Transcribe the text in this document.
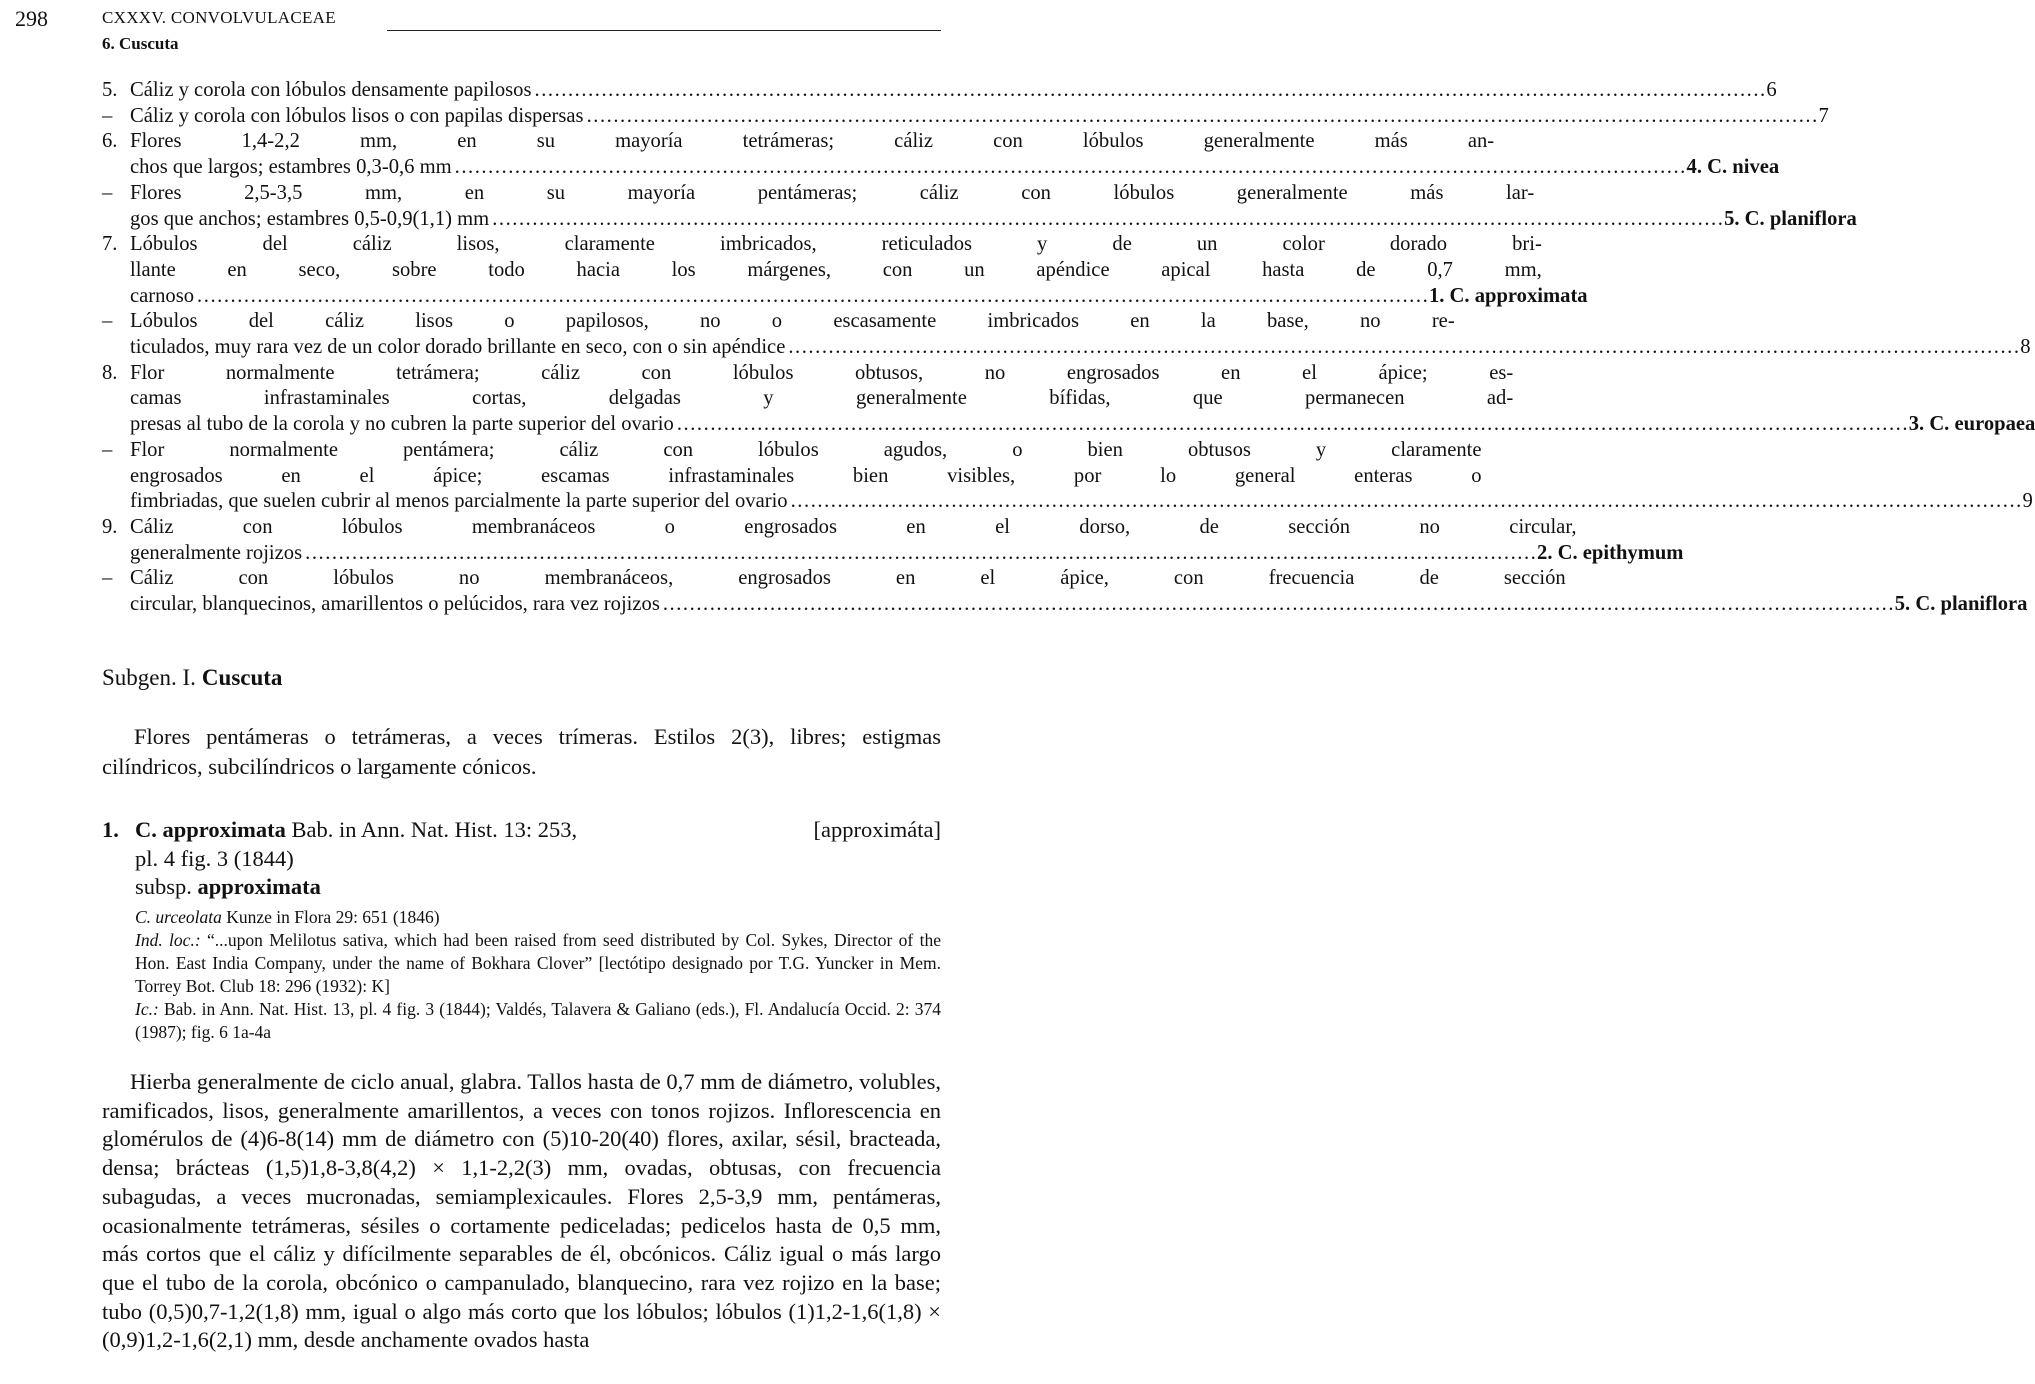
298	CXXXV. CONVOLVULACEAE
6. Cuscuta
5. Cáliz y corola con lóbulos densamente papilosos . . .	6
– Cáliz y corola con lóbulos lisos o con papilas dispersas . . .	7
6. Flores 1,4-2,2 mm, en su mayoría tetrámeras; cáliz con lóbulos generalmente más an-
chos que largos; estambres 0,3-0,6 mm . . .	4. C. nivea
– Flores 2,5-3,5 mm, en su mayoría pentámeras; cáliz con lóbulos generalmente más lar-
gos que anchos; estambres 0,5-0,9(1,1) mm . . .	5. C. planiflora
7. Lóbulos del cáliz lisos, claramente imbricados, reticulados y de un color dorado bri-
llante en seco, sobre todo hacia los márgenes, con un apéndice apical hasta de 0,7 mm,
carnoso . . .	1. C. approximata
– Lóbulos del cáliz lisos o papilosos, no o escasamente imbricados en la base, no re-
ticulados, muy rara vez de un color dorado brillante en seco, con o sin apéndice . . .	8
8. Flor normalmente tetrámera; cáliz con lóbulos obtusos, no engrosados en el ápice; es-
camas infrastaminales cortas, delgadas y generalmente bífidas, que permanecen ad-
presas al tubo de la corola y no cubren la parte superior del ovario . . .	3. C. europaea
– Flor normalmente pentámera; cáliz con lóbulos agudos, o bien obtusos y claramente
engrosados en el ápice; escamas infrastaminales bien visibles, por lo general enteras o
fimbriadas, que suelen cubrir al menos parcialmente la parte superior del ovario . . .	9
9. Cáliz con lóbulos membranáceos o engrosados en el dorso, de sección no circular,
generalmente rojizos . . .	2. C. epithymum
– Cáliz con lóbulos no membranáceos, engrosados en el ápice, con frecuencia de sección
circular, blanquecinos, amarillentos o pelúcidos, rara vez rojizos . . .	5. C. planiflora
Subgen. I. Cuscuta
Flores pentámeras o tetrámeras, a veces trímeras. Estilos 2(3), libres; estigmas cilíndricos, subcilíndricos o largamente cónicos.
1. C. approximata Bab. in Ann. Nat. Hist. 13: 253,	[approximáta]
pl. 4 fig. 3 (1844)
subsp. approximata
C. urceolata Kunze in Flora 29: 651 (1846)
Ind. loc.: “...upon Melilotus sativa, which had been raised from seed distributed by Col. Sykes, Director of the Hon. East India Company, under the name of Bokhara Clover” [lectótipo designado por T.G. Yuncker in Mem. Torrey Bot. Club 18: 296 (1932): K]
Ic.: Bab. in Ann. Nat. Hist. 13, pl. 4 fig. 3 (1844); Valdés, Talavera & Galiano (eds.), Fl. Andalucía Occid. 2: 374 (1987); fig. 6 1a-4a
Hierba generalmente de ciclo anual, glabra. Tallos hasta de 0,7 mm de diámetro, volubles, ramificados, lisos, generalmente amarillentos, a veces con tonos rojizos. Inflorescencia en glomérulos de (4)6-8(14) mm de diámetro con (5)10-20(40) flores, axilar, sésil, bracteada, densa; brácteas (1,5)1,8-3,8(4,2) × 1,1-2,2(3) mm, ovadas, obtusas, con frecuencia subagudas, a veces mucronadas, semiamplexicaules. Flores 2,5-3,9 mm, pentámeras, ocasionalmente tetrámeras, sésiles o cortamente pediceladas; pedicelos hasta de 0,5 mm, más cortos que el cáliz y difícilmente separables de él, obcónicos. Cáliz igual o más largo que el tubo de la corola, obcónico o campanulado, blanquecino, rara vez rojizo en la base; tubo (0,5)0,7-1,2(1,8) mm, igual o algo más corto que los lóbulos; lóbulos (1)1,2-1,6(1,8) × (0,9)1,2-1,6(2,1) mm, desde anchamente ovados hasta
